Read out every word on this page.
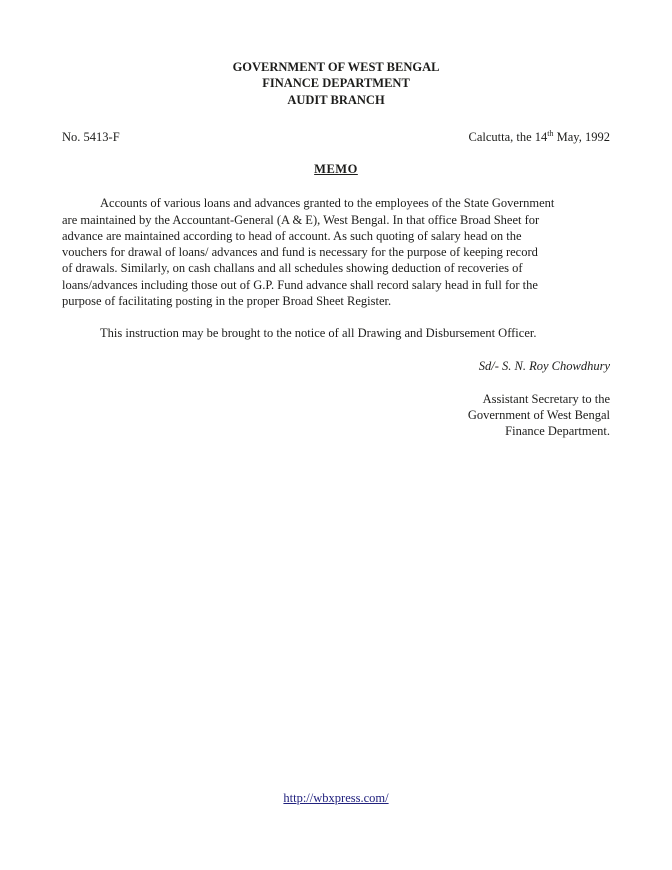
GOVERNMENT OF WEST BENGAL
FINANCE DEPARTMENT
AUDIT BRANCH
No. 5413-F	Calcutta, the 14th May, 1992
MEMO
Accounts of various loans and advances granted to the employees of the State Government
are maintained by the Accountant-General (A & E), West Bengal. In that office Broad Sheet for
advance are maintained according to head of account. As such quoting of salary head on the
vouchers for drawal of loans/ advances and fund is necessary for the purpose of keeping record
of drawals. Similarly, on cash challans and all schedules showing deduction of recoveries of
loans/advances including those out of G.P. Fund advance shall record salary head in full for the
purpose of facilitating posting in the proper Broad Sheet Register.
This instruction may be brought to the notice of all Drawing and Disbursement Officer.
Sd/- S. N. Roy Chowdhury
Assistant Secretary to the
Government of West Bengal
Finance Department.
http://wbxpress.com/
